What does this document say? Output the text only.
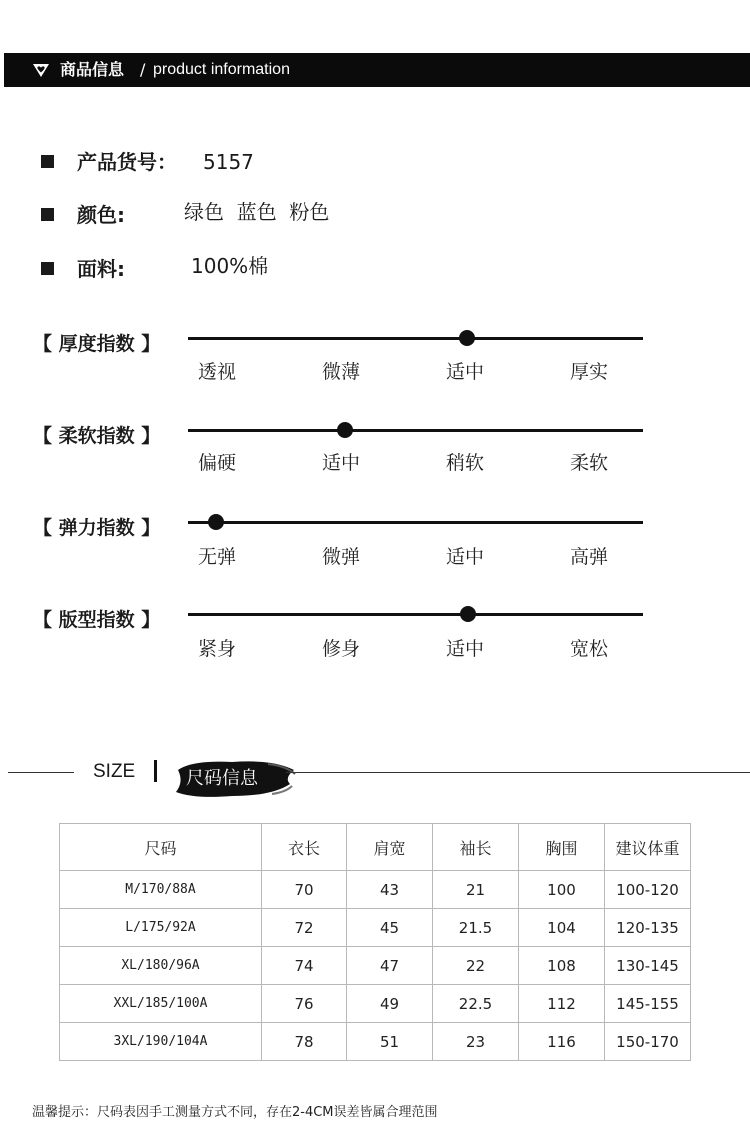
商品信息 / product information
产品货号： 5157
颜色:	绿色  蓝色  粉色
面料:	100%棉
【 厚度指数 】
透视	微薄	适中	厚实
【 柔软指数 】
偏硬	适中	稍软	柔软
【 弹力指数 】
无弹	微弹	适中	高弹
【 版型指数 】
紧身	修身	适中	宽松
SIZE	尺码信息
尺码	衣长	肩宽	袖长	胸围	建议体重
M/170/88A	70	43	21	100	100-120
L/175/92A	72	45	21.5	104	120-135
XL/180/96A	74	47	22	108	130-145
XXL/185/100A	76	49	22.5	112	145-155
3XL/190/104A	78	51	23	116	150-170
温馨提示：尺码表因手工测量方式不同，存在2-4CM误差皆属合理范围
